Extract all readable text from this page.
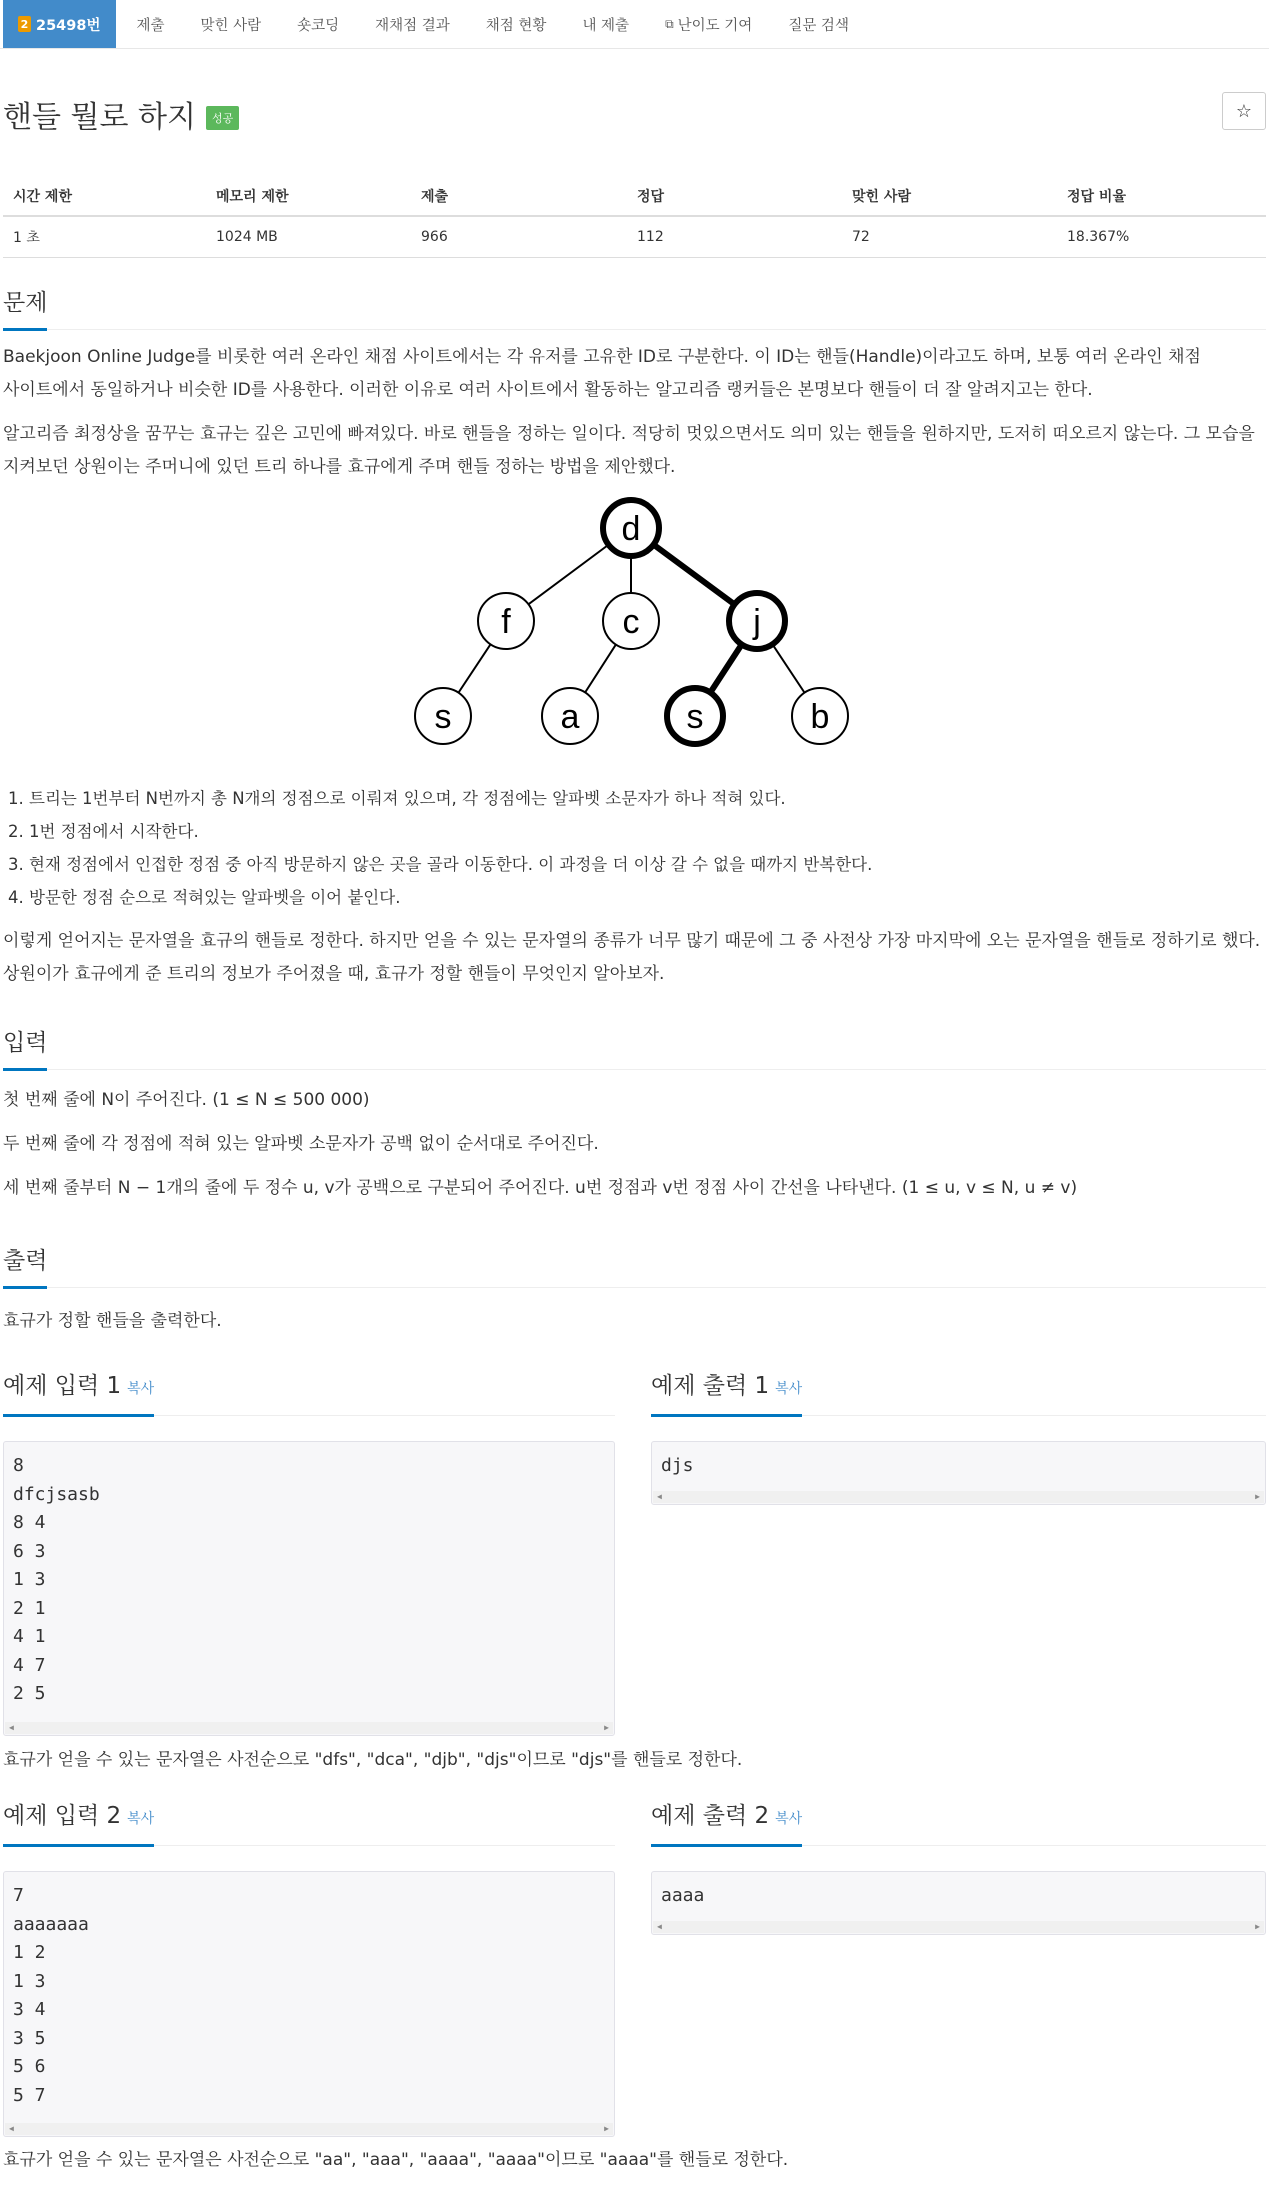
2 25498번	제출	맞힌 사람	숏코딩	재채점 결과	채점 현황	내 제출	⧉ 난이도 기여	질문 검색
핸들 뭘로 하지	성공	☆
시간 제한	메모리 제한	제출	정답	맞힌 사람	정답 비율
1 초	1024 MB	966	112	72	18.367%
문제

Baekjoon Online Judge를 비롯한 여러 온라인 채점 사이트에서는 각 유저를 고유한 ID로 구분한다. 이 ID는 핸들(Handle)이라고도 하며, 보통 여러 온라인 채점 사이트에서 동일하거나 비슷한 ID를 사용한다. 이러한 이유로 여러 사이트에서 활동하는 알고리즘 랭커들은 본명보다 핸들이 더 잘 알려지고는 한다.

알고리즘 최정상을 꿈꾸는 효규는 깊은 고민에 빠져있다. 바로 핸들을 정하는 일이다. 적당히 멋있으면서도 의미 있는 핸들을 원하지만, 도저히 떠오르지 않는다. 그 모습을 지켜보던 상원이는 주머니에 있던 트리 하나를 효규에게 주며 핸들 정하는 방법을 제안했다.

d
f	c	j
s	a	s	b
1. 트리는 1번부터 N번까지 총 N개의 정점으로 이뤄져 있으며, 각 정점에는 알파벳 소문자가 하나 적혀 있다.
2. 1번 정점에서 시작한다.
3. 현재 정점에서 인접한 정점 중 아직 방문하지 않은 곳을 골라 이동한다. 이 과정을 더 이상 갈 수 없을 때까지 반복한다.
4. 방문한 정점 순으로 적혀있는 알파벳을 이어 붙인다.

이렇게 얻어지는 문자열을 효규의 핸들로 정한다. 하지만 얻을 수 있는 문자열의 종류가 너무 많기 때문에 그 중 사전상 가장 마지막에 오는 문자열을 핸들로 정하기로 했다. 상원이가 효규에게 준 트리의 정보가 주어졌을 때, 효규가 정할 핸들이 무엇인지 알아보자.

입력

첫 번째 줄에 N이 주어진다. (1 ≤ N ≤ 500 000)

두 번째 줄에 각 정점에 적혀 있는 알파벳 소문자가 공백 없이 순서대로 주어진다.

세 번째 줄부터 N − 1개의 줄에 두 정수 u, v가 공백으로 구분되어 주어진다. u번 정점과 v번 정점 사이 간선을 나타낸다. (1 ≤ u, v ≤ N, u ≠ v)

출력

효규가 정할 핸들을 출력한다.

예제 입력 1 복사
8
dfcjsasb
8 4
6 3
1 3
2 1
4 1
4 7
2 5
◀	▶
예제 출력 1 복사
djs
◀	▶

효규가 얻을 수 있는 문자열은 사전순으로 "dfs", "dca", "djb", "djs"이므로 "djs"를 핸들로 정한다.

예제 입력 2 복사
7
aaaaaaa
1 2
1 3
3 4
3 5
5 6
5 7
◀	▶
예제 출력 2 복사
aaaa
◀	▶

효규가 얻을 수 있는 문자열은 사전순으로 "aa", "aaa", "aaaa", "aaaa"이므로 "aaaa"를 핸들로 정한다.
